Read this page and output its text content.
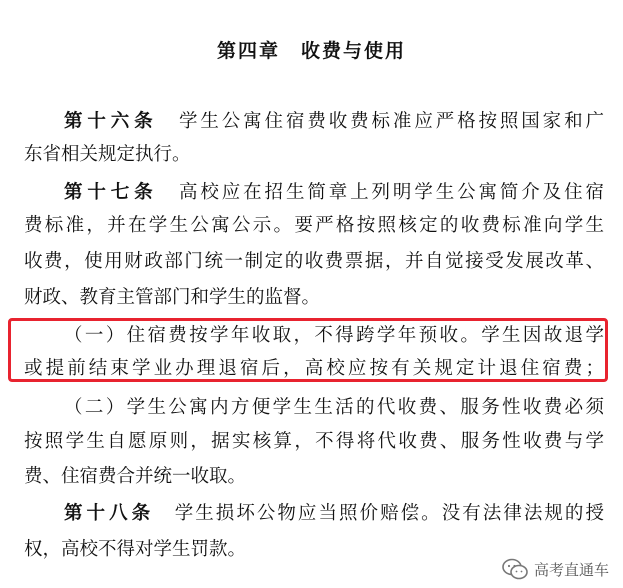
第四章　收费与使用
第十六条　 学生公寓住宿费收费标准应严格按照国家和广
东省相关规定执行。
第十七条　 高校应在招生简章上列明学生公寓简介及住宿
费标准，并在学生公寓公示。要严格按照核定的收费标准向学生
收费，使用财政部门统一制定的收费票据，并自觉接受发展改革、
财政、教育主管部门和学生的监督。
（一）住宿费按学年收取，不得跨学年预收。学生因故退学
或提前结束学业办理退宿后，高校应按有关规定计退住宿费；
（二）学生公寓内方便学生生活的代收费、服务性收费必须
按照学生自愿原则，据实核算，不得将代收费、服务性收费与学
费、住宿费合并统一收取。
第十八条　 学生损坏公物应当照价赔偿。没有法律法规的授
权，高校不得对学生罚款。
高考直通车
